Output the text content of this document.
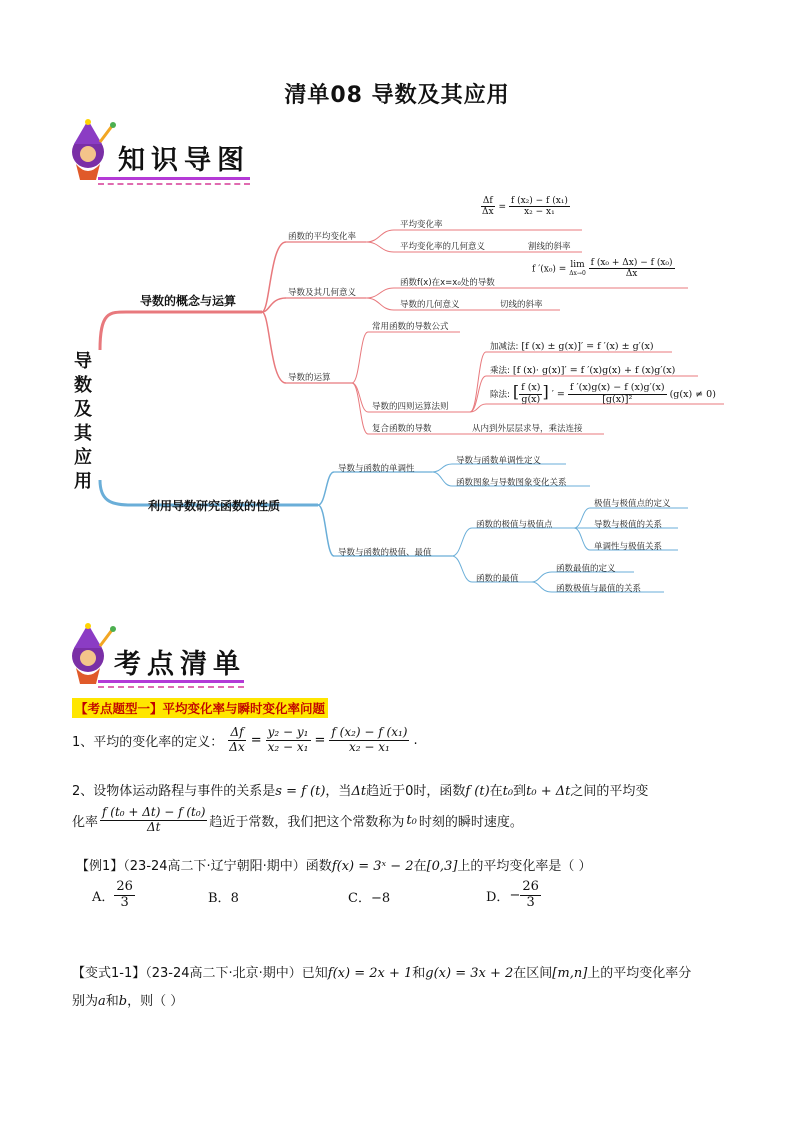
清单08 导数及其应用
知识导图
导
数
及
其
应
用
导数的概念与运算
函数的平均变化率
平均变化率
平均变化率的几何意义	割线的斜率
$\frac{\Delta f}{\Delta x} = \frac{\text{f (x₂) − f (x₁)}}{\text{x₂ − x₁}}$
导数及其几何意义
函数f(x)在x=x₀处的导数
导数的几何意义	切线的斜率
f ′(x₀) = lim
Δx→0
$\frac{\text{f (x₀ + Δx) − f (x₀)}}{\Delta x}$
导数的运算
常用函数的导数公式
导数的四则运算法则
复合函数的导数	从内到外层层求导，乘法连接
加减法: [f (x) ± g(x)]′ = f ′(x) ± g′(x)
乘法: [f (x)· g(x)]′ = f ′(x)g(x) + f (x)g′(x)
除法: [ $\frac{f (x)}{g(x)}$ ] ′ = $\frac{f '(x)g(x) - f (x)g'(x)}{\text{[g(x)]²}} (g(x) \ne 0)$
利用导数研究函数的性质
导数与函数的单调性
导数与函数单调性定义
函数图象与导数图象变化关系
导数与函数的极值、最值
函数的极值与极值点
极值与极值点的定义
导数与极值的关系
单调性与极值关系
函数的最值
函数最值的定义
函数极值与最值的关系
考点清单
【考点题型一】平均变化率与瞬时变化率问题
1、平均的变化率的定义： $\frac{\Delta f}{\Delta x} = \frac{\text{y₂ − y₁}}{\text{x₂ − x₁}} = \frac{\text{f (x₂) − f (x₁)}}{\text{x₂ − x₁}}$ .
2、设物体运动路程与事件的关系是s = f (t)，当Δt趋近于0时，函数f (t)在t₀到t₀ + Δt之间的平均变
化率 $\frac{\text{f (t₀ + Δt) − f (t₀)}}{\Delta t}$ 趋近于常数，我们把这个常数称为 t₀ 时刻的瞬时速度。
【例1】（23-24高二下·辽宁朝阳·期中）函数f(x) = 3ˣ − 2在[0,3]上的平均变化率是（ ）
A． $\frac{26}{3}$	B．8	C．−8	D． − $\frac{26}{3}$
【变式1-1】（23-24高二下·北京·期中）已知f(x) = 2x + 1和g(x) = 3x + 2在区间[m,n]上的平均变化率分
别为a和b，则（ ）
